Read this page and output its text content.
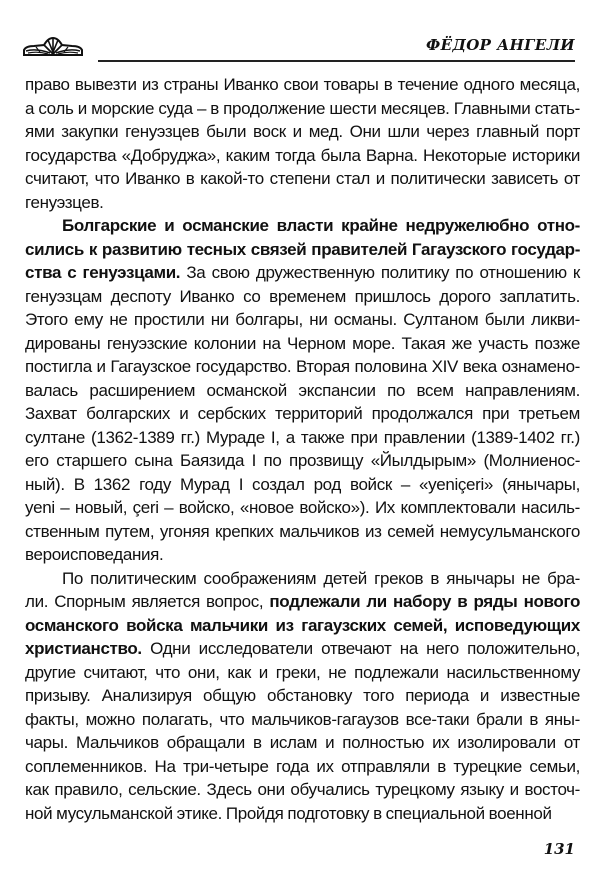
ФЁДОР АНГЕЛИ
право вывезти из страны Иванко свои товары в течение одного месяца,
а соль и морские суда – в продолжение шести месяцев. Главными стать-
ями закупки генуэзцев были воск и мед. Они шли через главный порт
государства «Добруджа», каким тогда была Варна. Некоторые историки
считают, что Иванко в какой-то степени стал и политически зависеть от
генуэзцев.
Болгарские и османские власти крайне недружелюбно отно-
сились к развитию тесных связей правителей Гагаузского государ-
ства с генуэзцами. За свою дружественную политику по отношению к
генуэзцам деспоту Иванко со временем пришлось дорого заплатить.
Этого ему не простили ни болгары, ни османы. Султаном были ликви-
дированы генуэзские колонии на Черном море. Такая же участь позже
постигла и Гагаузское государство. Вторая половина XIV века ознамено-
валась расширением османской экспансии по всем направлениям.
Захват болгарских и сербских территорий продолжался при третьем
султане (1362-1389 гг.) Мураде I, а также при правлении (1389-1402 гг.)
его старшего сына Баязида I по прозвищу «Йылдырым» (Молниенос-
ный). В 1362 году Мурад I создал род войск – «yeniçeri» (янычары,
yeni – новый, çeri – войско, «новое войско»). Их комплектовали насиль-
ственным путем, угоняя крепких мальчиков из семей немусульманского
вероисповедания.
По политическим соображениям детей греков в янычары не бра-
ли. Спорным является вопрос, подлежали ли набору в ряды нового
османского войска мальчики из гагаузских семей, исповедующих
христианство. Одни исследователи отвечают на него положительно,
другие считают, что они, как и греки, не подлежали насильственному
призыву. Анализируя общую обстановку того периода и известные
факты, можно полагать, что мальчиков-гагаузов все-таки брали в яны-
чары. Мальчиков обращали в ислам и полностью их изолировали от
соплеменников. На три-четыре года их отправляли в турецкие семьи,
как правило, сельские. Здесь они обучались турецкому языку и восточ-
ной мусульманской этике. Пройдя подготовку в специальной военной
131
